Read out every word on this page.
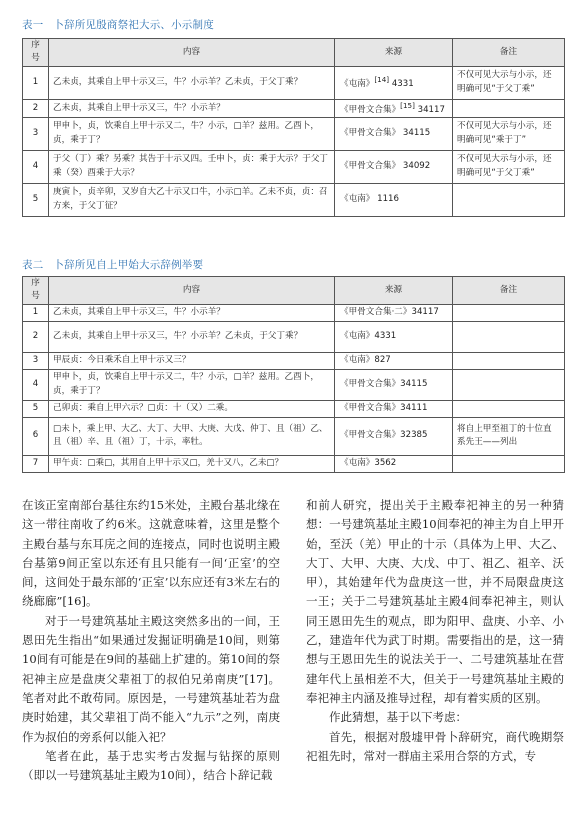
表一 卜辞所见殷商祭祀大示、小示制度
序号	内容	来源	备注
1	乙未贞，其乘自上甲十示又三，牛？小示羊？乙未贞，于父丁乘？	《屯南》[14] 4331	不仅可见大示与小示，还明确可见“于父丁乘”
2	乙未贞，其乘自上甲十示又三，牛？小示羊？	《甲骨文合集》[15] 34117	
3	甲申卜，贞，饮乘自上甲十示又二，牛？小示，□羊？兹用。乙酉卜，贞，乘于丁？	《甲骨文合集》 34115	不仅可见大示与小示，还明确可见“乘于丁”
4	于父（丁）乘？另乘？其告于十示又四。壬申卜，贞：乘于大示？于父丁乘（癸）酉乘于大示？	《甲骨文合集》 34092	不仅可见大示与小示，还明确可见“于父丁乘”
5	庚寅卜，贞辛卯，又岁自大乙十示又口牛，小示□羊。乙未不贞，贞：召方来，于父丁征？	《屯南》 1116	
表二 卜辞所见自上甲始大示辞例举要
序号	内容	来源	备注
1	乙未贞，其乘自上甲十示又三，牛？小示羊？	《甲骨文合集·二》34117	
2	乙未贞，其乘自上甲十示又三，牛？小示羊？乙未贞，于父丁乘？	《屯南》4331	
3	甲辰贞：今日乘禾自上甲十示又三？	《屯南》827	
4	甲申卜，贞，饮乘自上甲十示又二，牛？小示，□羊？兹用。乙酉卜，贞，乘于丁？	《甲骨文合集》34115	
5	己卯贞：乘自上甲六示？□贞：十（又）二乘。	《甲骨文合集》34111	
6	□未卜，乘上甲、大乙、大丁、大甲、大庚、大戊、仲丁、且（祖）乙、且（祖）辛、且（祖）丁，十示，率牡。	《甲骨文合集》32385	将自上甲至祖丁的十位直系先王——列出
7	甲午贞：□乘□，其用自上甲十示又□，羌十又八，乙未□？	《屯南》3562	

在该正室南部台基往东约15米处，主殿台基北缘在这一带往南收了约6米。这就意味着，这里是整个主殿台基与东耳庑之间的连接点，同时也说明主殿台基第9间正室以东还有且只能有一间‘正室’的空间，这间处于最东部的‘正室’以东应还有3米左右的绕廊廊”[16]。

对于一号建筑基址主殿这突然多出的一间，王恩田先生指出“如果通过发掘证明确是10间，则第10间有可能是在9间的基础上扩建的。第10间的祭祀神主应是盘庚父辈祖丁的叔伯兄弟南庚”[17]。笔者对此不敢苟同。原因是，一号建筑基址若为盘庚时始建，其父辈祖丁尚不能入“九示”之列，南庚作为叔伯的旁系何以能入祀？

笔者在此，基于忠实考古发掘与钻探的原则（即以一号建筑基址主殿为10间），结合卜辞记载

和前人研究，提出关于主殿奉祀神主的另一种猜想：一号建筑基址主殿10间奉祀的神主为自上甲开始，至沃（羌）甲止的十示（具体为上甲、大乙、大丁、大甲、大庚、大戊、中丁、祖乙、祖辛、沃甲），其始建年代为盘庚这一世，并不局限盘庚这一王；关于二号建筑基址主殿4间奉祀神主，则认同王恩田先生的观点，即为阳甲、盘庚、小辛、小乙，建造年代为武丁时期。需要指出的是，这一猜想与王恩田先生的说法关于一、二号建筑基址在营建年代上虽相差不大，但关于一号建筑基址主殿的奉祀神主内涵及推导过程，却有着实质的区别。

作此猜想，基于以下考虑：

首先，根据对殷墟甲骨卜辞研究，商代晚期祭祀祖先时，常对一群庙主采用合祭的方式，专
